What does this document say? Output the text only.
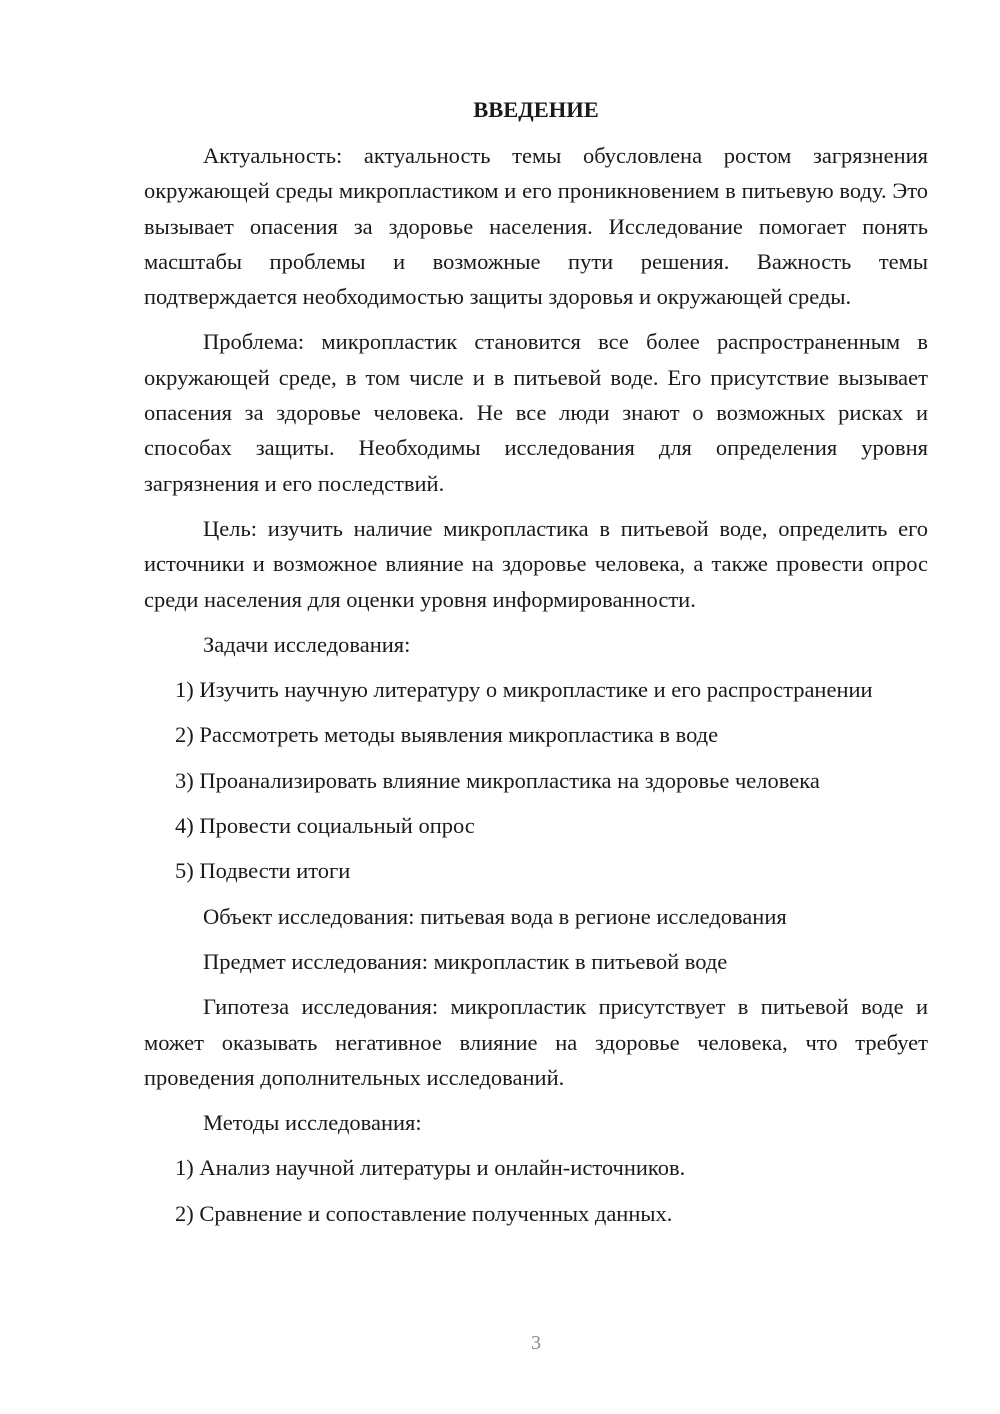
ВВЕДЕНИЕ

Актуальность: актуальность темы обусловлена ростом загрязнения окружающей среды микропластиком и его проникновением в питьевую воду. Это вызывает опасения за здоровье населения. Исследование помогает понять масштабы проблемы и возможные пути решения. Важность темы подтверждается необходимостью защиты здоровья и окружающей среды.

Проблема: микропластик становится все более распространенным в окружающей среде, в том числе и в питьевой воде. Его присутствие вызывает опасения за здоровье человека. Не все люди знают о возможных рисках и способах защиты. Необходимы исследования для определения уровня загрязнения и его последствий.

Цель: изучить наличие микропластика в питьевой воде, определить его источники и возможное влияние на здоровье человека, а также провести опрос среди населения для оценки уровня информированности.

Задачи исследования:

1) Изучить научную литературу о микропластике и его распространении

2) Рассмотреть методы выявления микропластика в воде

3) Проанализировать влияние микропластика на здоровье человека

4) Провести социальный опрос

5) Подвести итоги

Объект исследования: питьевая вода в регионе исследования

Предмет исследования: микропластик в питьевой воде

Гипотеза исследования: микропластик присутствует в питьевой воде и может оказывать негативное влияние на здоровье человека, что требует проведения дополнительных исследований.

Методы исследования:

1) Анализ научной литературы и онлайн-источников.

2) Сравнение и сопоставление полученных данных.

3
